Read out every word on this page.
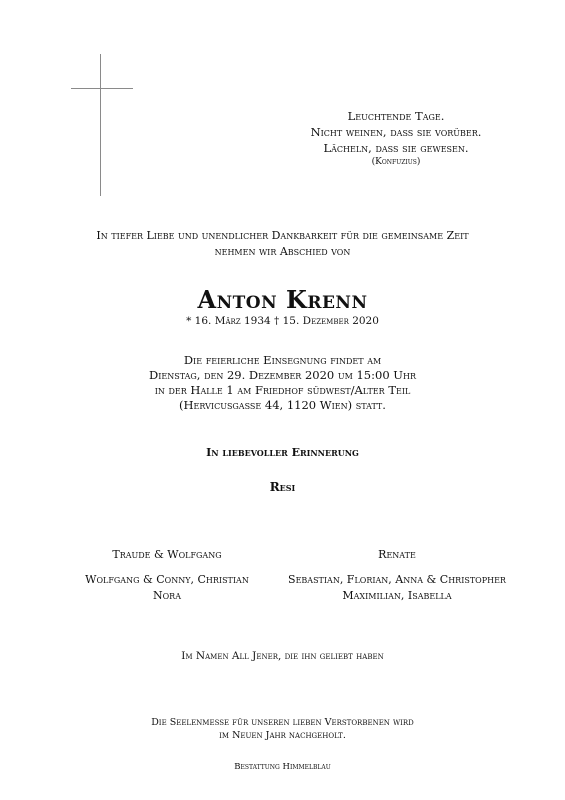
Leuchtende Tage.
Nicht weinen, dass sie vorüber.
Lächeln, dass sie gewesen.
(Konfuzius)
In tiefer Liebe und unendlicher Dankbarkeit für die gemeinsame Zeit
nehmen wir Abschied von
Anton Krenn
* 16. März 1934 † 15. Dezember 2020
Die feierliche Einsegnung findet am
Dienstag, den 29. Dezember 2020 um 15:00 Uhr
in der Halle 1 am Friedhof südwest/Alter Teil
(Hervicusgasse 44, 1120 Wien) statt.
In liebevoller Erinnerung
Resi
Traude & Wolfgang
Wolfgang & Conny, Christian
Nora
Renate
Sebastian, Florian, Anna & Christopher
Maximilian, Isabella
Im Namen All Jener, die ihn geliebt haben
Die Seelenmesse für unseren lieben Verstorbenen wird
im Neuen Jahr nachgeholt.
Bestattung Himmelblau
